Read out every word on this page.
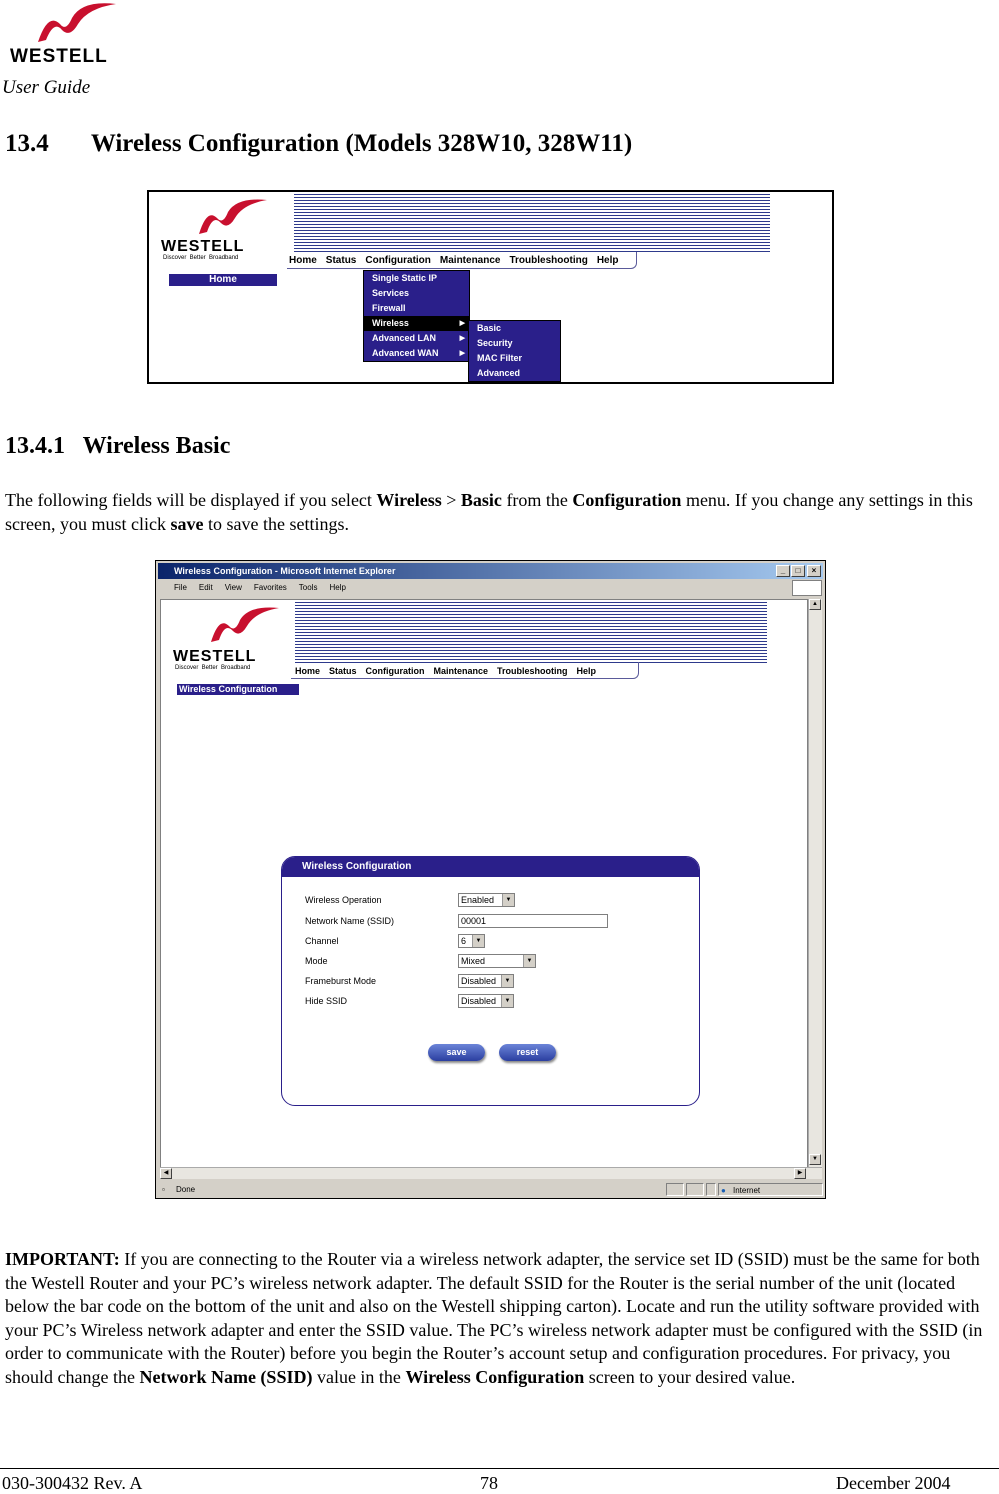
WESTELL
User Guide
13.4 Wireless Configuration (Models 328W10, 328W11)
WESTELL
Discover  Better  Broadband	Home Status Configuration Maintenance Troubleshooting Help
Home	Single Static IP
Services
Firewall
Wireless	▶
Advanced LAN	▶
Advanced WAN	▶
Basic
Security
MAC Filter
Advanced
13.4.1 Wireless Basic
The following fields will be displayed if you select Wireless > Basic from the Configuration menu. If you change any settings in this screen, you must click save to save the settings.
Wireless Configuration - Microsoft Internet Explorer	_	□	×
File Edit View Favorites Tools Help
WESTELL
Discover  Better  Broadband	Home Status Configuration Maintenance Troubleshooting Help
Wireless Configuration
Wireless Configuration
Wireless Operation	Enabled	▼
Network Name (SSID)	00001
Channel	6	▼
Mode	Mixed	▼
Frameburst Mode	Disabled	▼
Hide SSID	Disabled	▼
save	reset
▲
▼
◀	▶
▫ Done	● Internet
IMPORTANT: If you are connecting to the Router via a wireless network adapter, the service set ID (SSID) must be the same for both the Westell Router and your PC’s wireless network adapter. The default SSID for the Router is the serial number of the unit (located below the bar code on the bottom of the unit and also on the Westell shipping carton). Locate and run the utility software provided with your PC’s Wireless network adapter and enter the SSID value. The PC’s wireless network adapter must be configured with the SSID (in order to communicate with the Router) before you begin the Router’s account setup and configuration procedures. For privacy, you should change the Network Name (SSID) value in the Wireless Configuration screen to your desired value.
030-300432 Rev. A	78	December 2004
